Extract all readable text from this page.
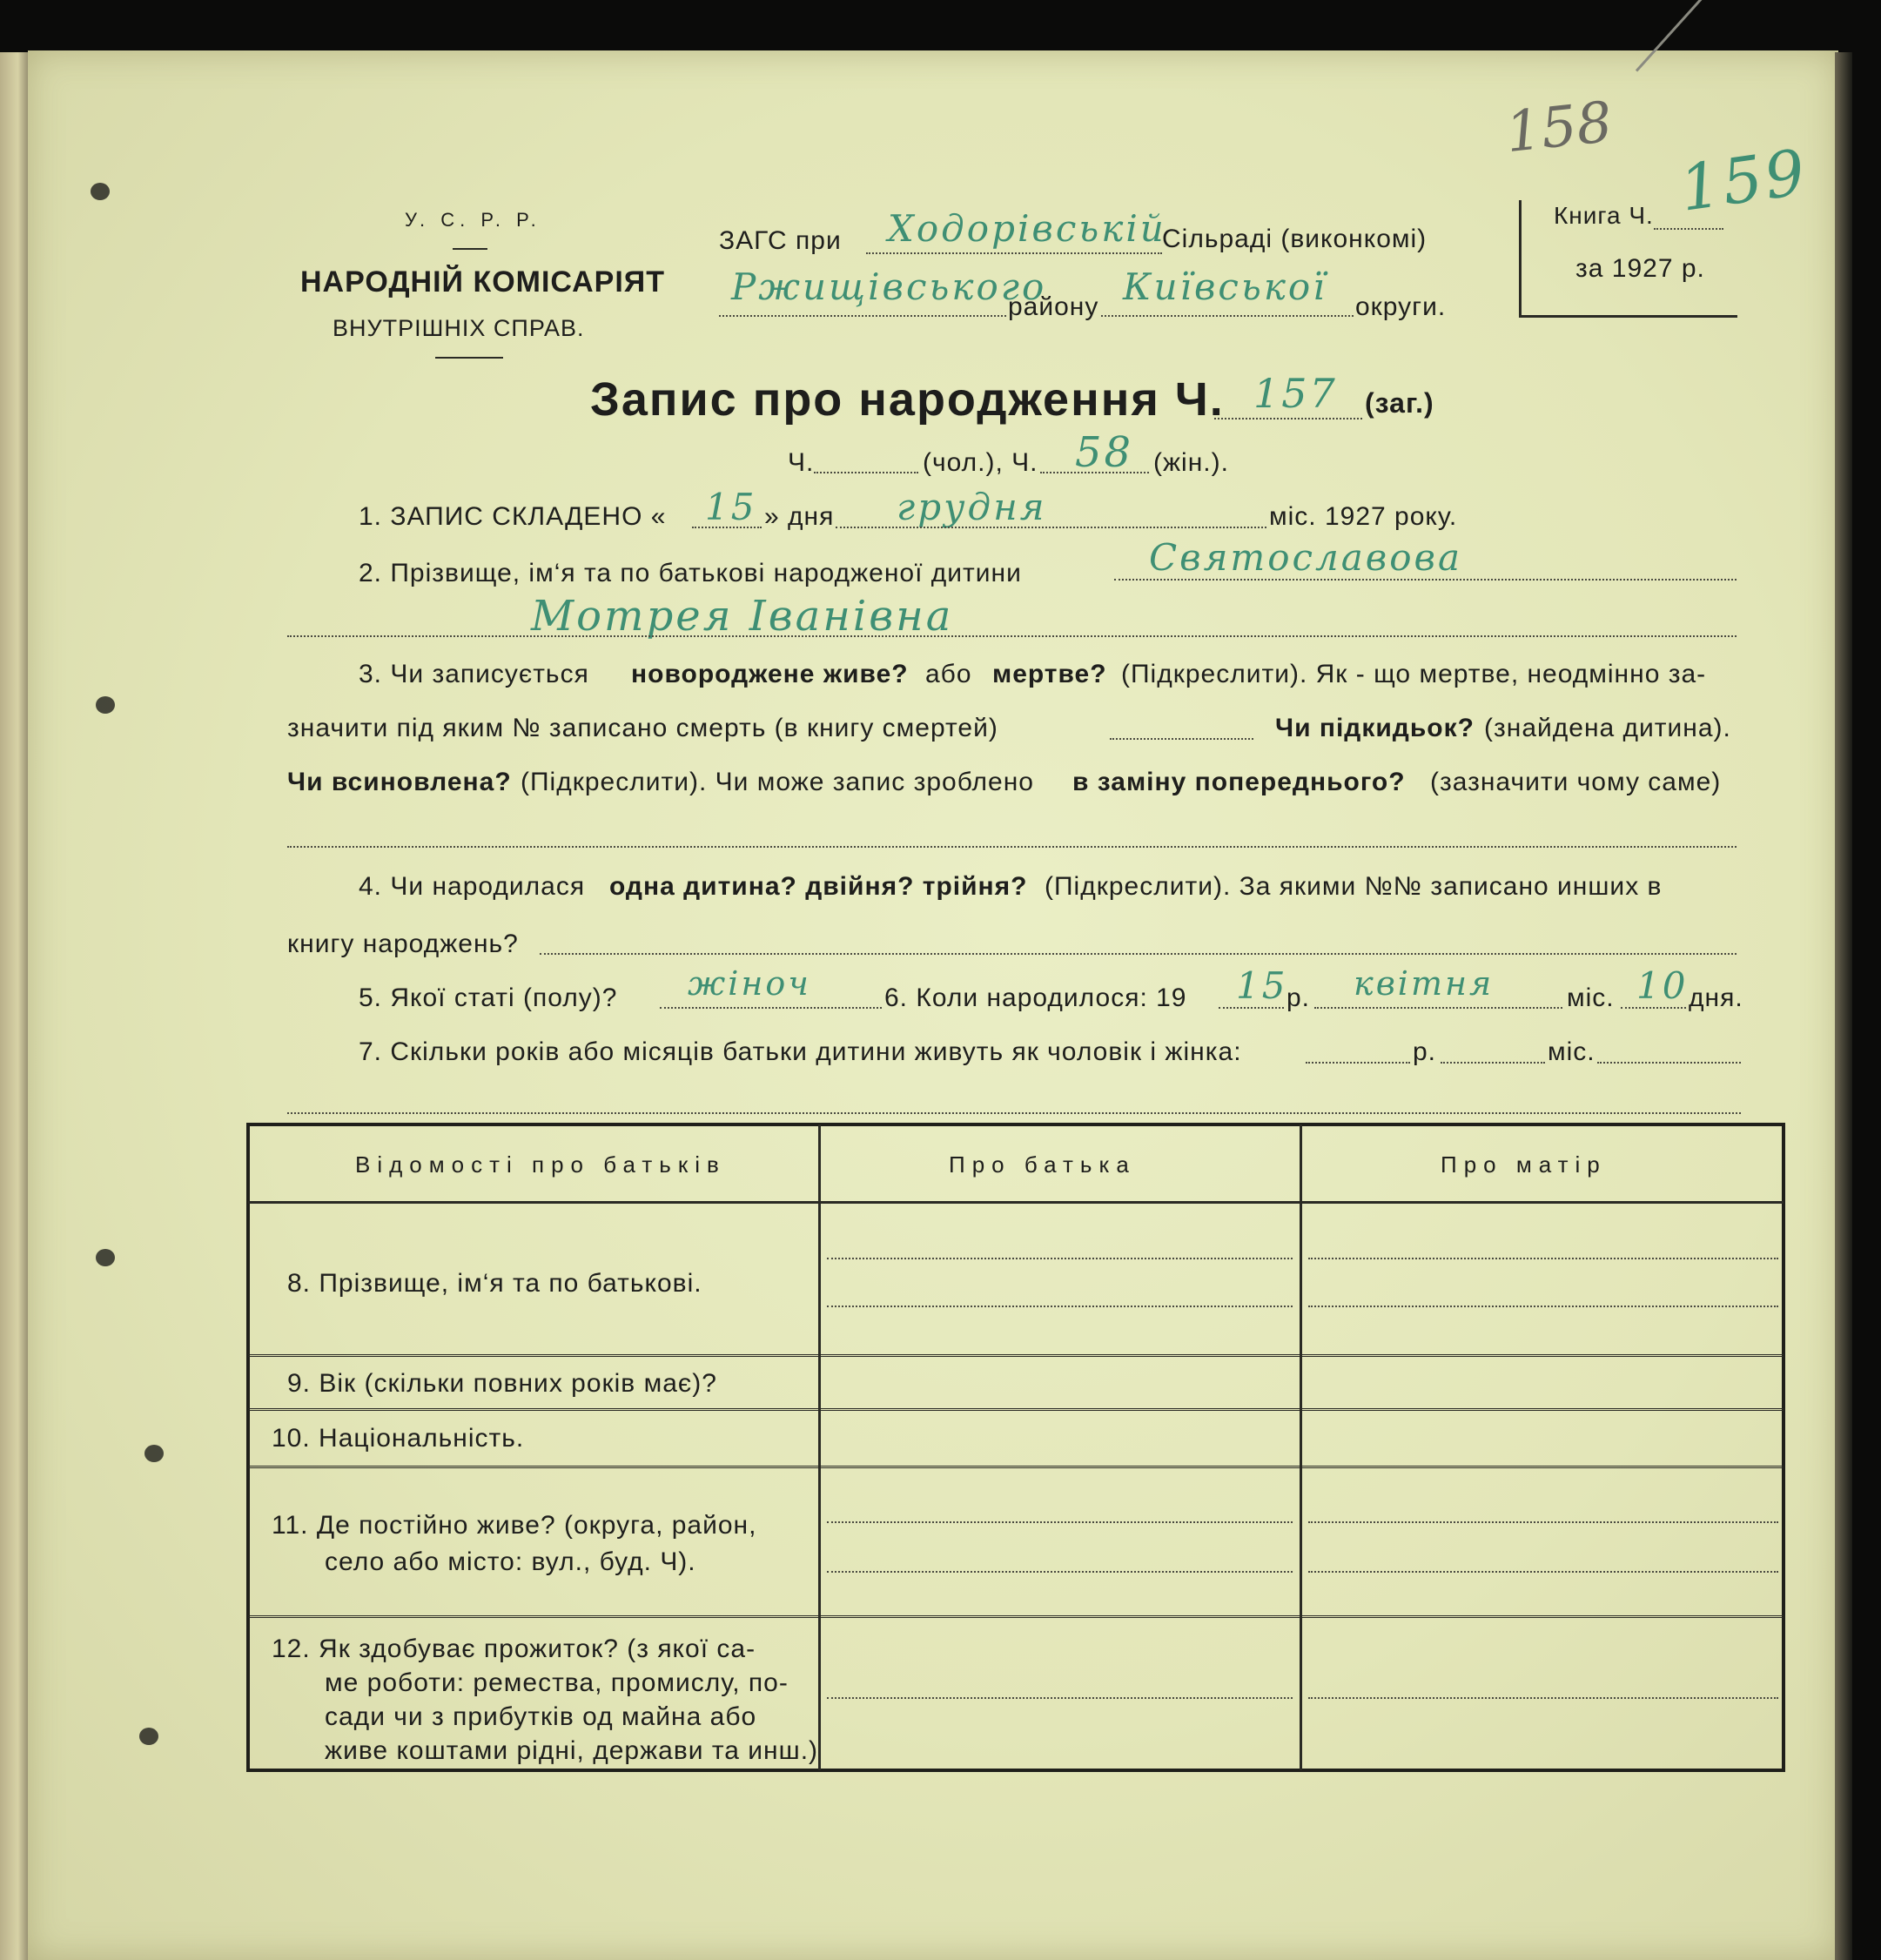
У. С. Р. Р.
НАРОДНІЙ КОМІСАРІЯТ
ВНУТРІШНІХ СПРАВ.
ЗАГС при Ходорівській
Сільраді (виконкомі)
Ржищівського
району Київської округи.
Книга Ч. 159
за 1927 р.
158
Запис про народження Ч. 157 (заг.)
Ч.	(чол.), Ч. 58 (жін.).
1. ЗАПИС СКЛАДЕНО « 15 » дня грудня	міс. 1927 року.
2. Прізвище, ім‘я та по батькові народженої дитини	Святославова
Мотрея Іванівна
3. Чи записується новороджене живе? або мертве? (Підкреслити). Як - що мертве, неодмінно за-
значити під яким № записано смерть (в книгу смертей)	Чи підкидьок? (знайдена дитина).
Чи всиновлена? (Підкреслити). Чи може запис зроблено в заміну попереднього? (зазначити чому саме)
4. Чи народилася одна дитина? двійня? трійня? (Підкреслити). За якими №№ записано инших в
книгу народжень?
5. Якої статі (полу)? жіноч	6. Коли народилося: 19 15
р. квітня	міс. 10 дня.
7. Скільки років або місяців батьки дитини живуть як чоловік і жінка:	р.	міс.
Відомості про батьків	Про батька	Про матір
8. Прізвище, ім‘я та по батькові.
9. Вік (скільки повних років має)?
10. Національність.
11. Де постійно живе? (округа, район,
село або місто: вул., буд. Ч).
12. Як здобуває прожиток? (з якої са-
ме роботи: ремества, промислу, по-
сади чи з прибутків од майна або
живе коштами рідні, держави та инш.)
